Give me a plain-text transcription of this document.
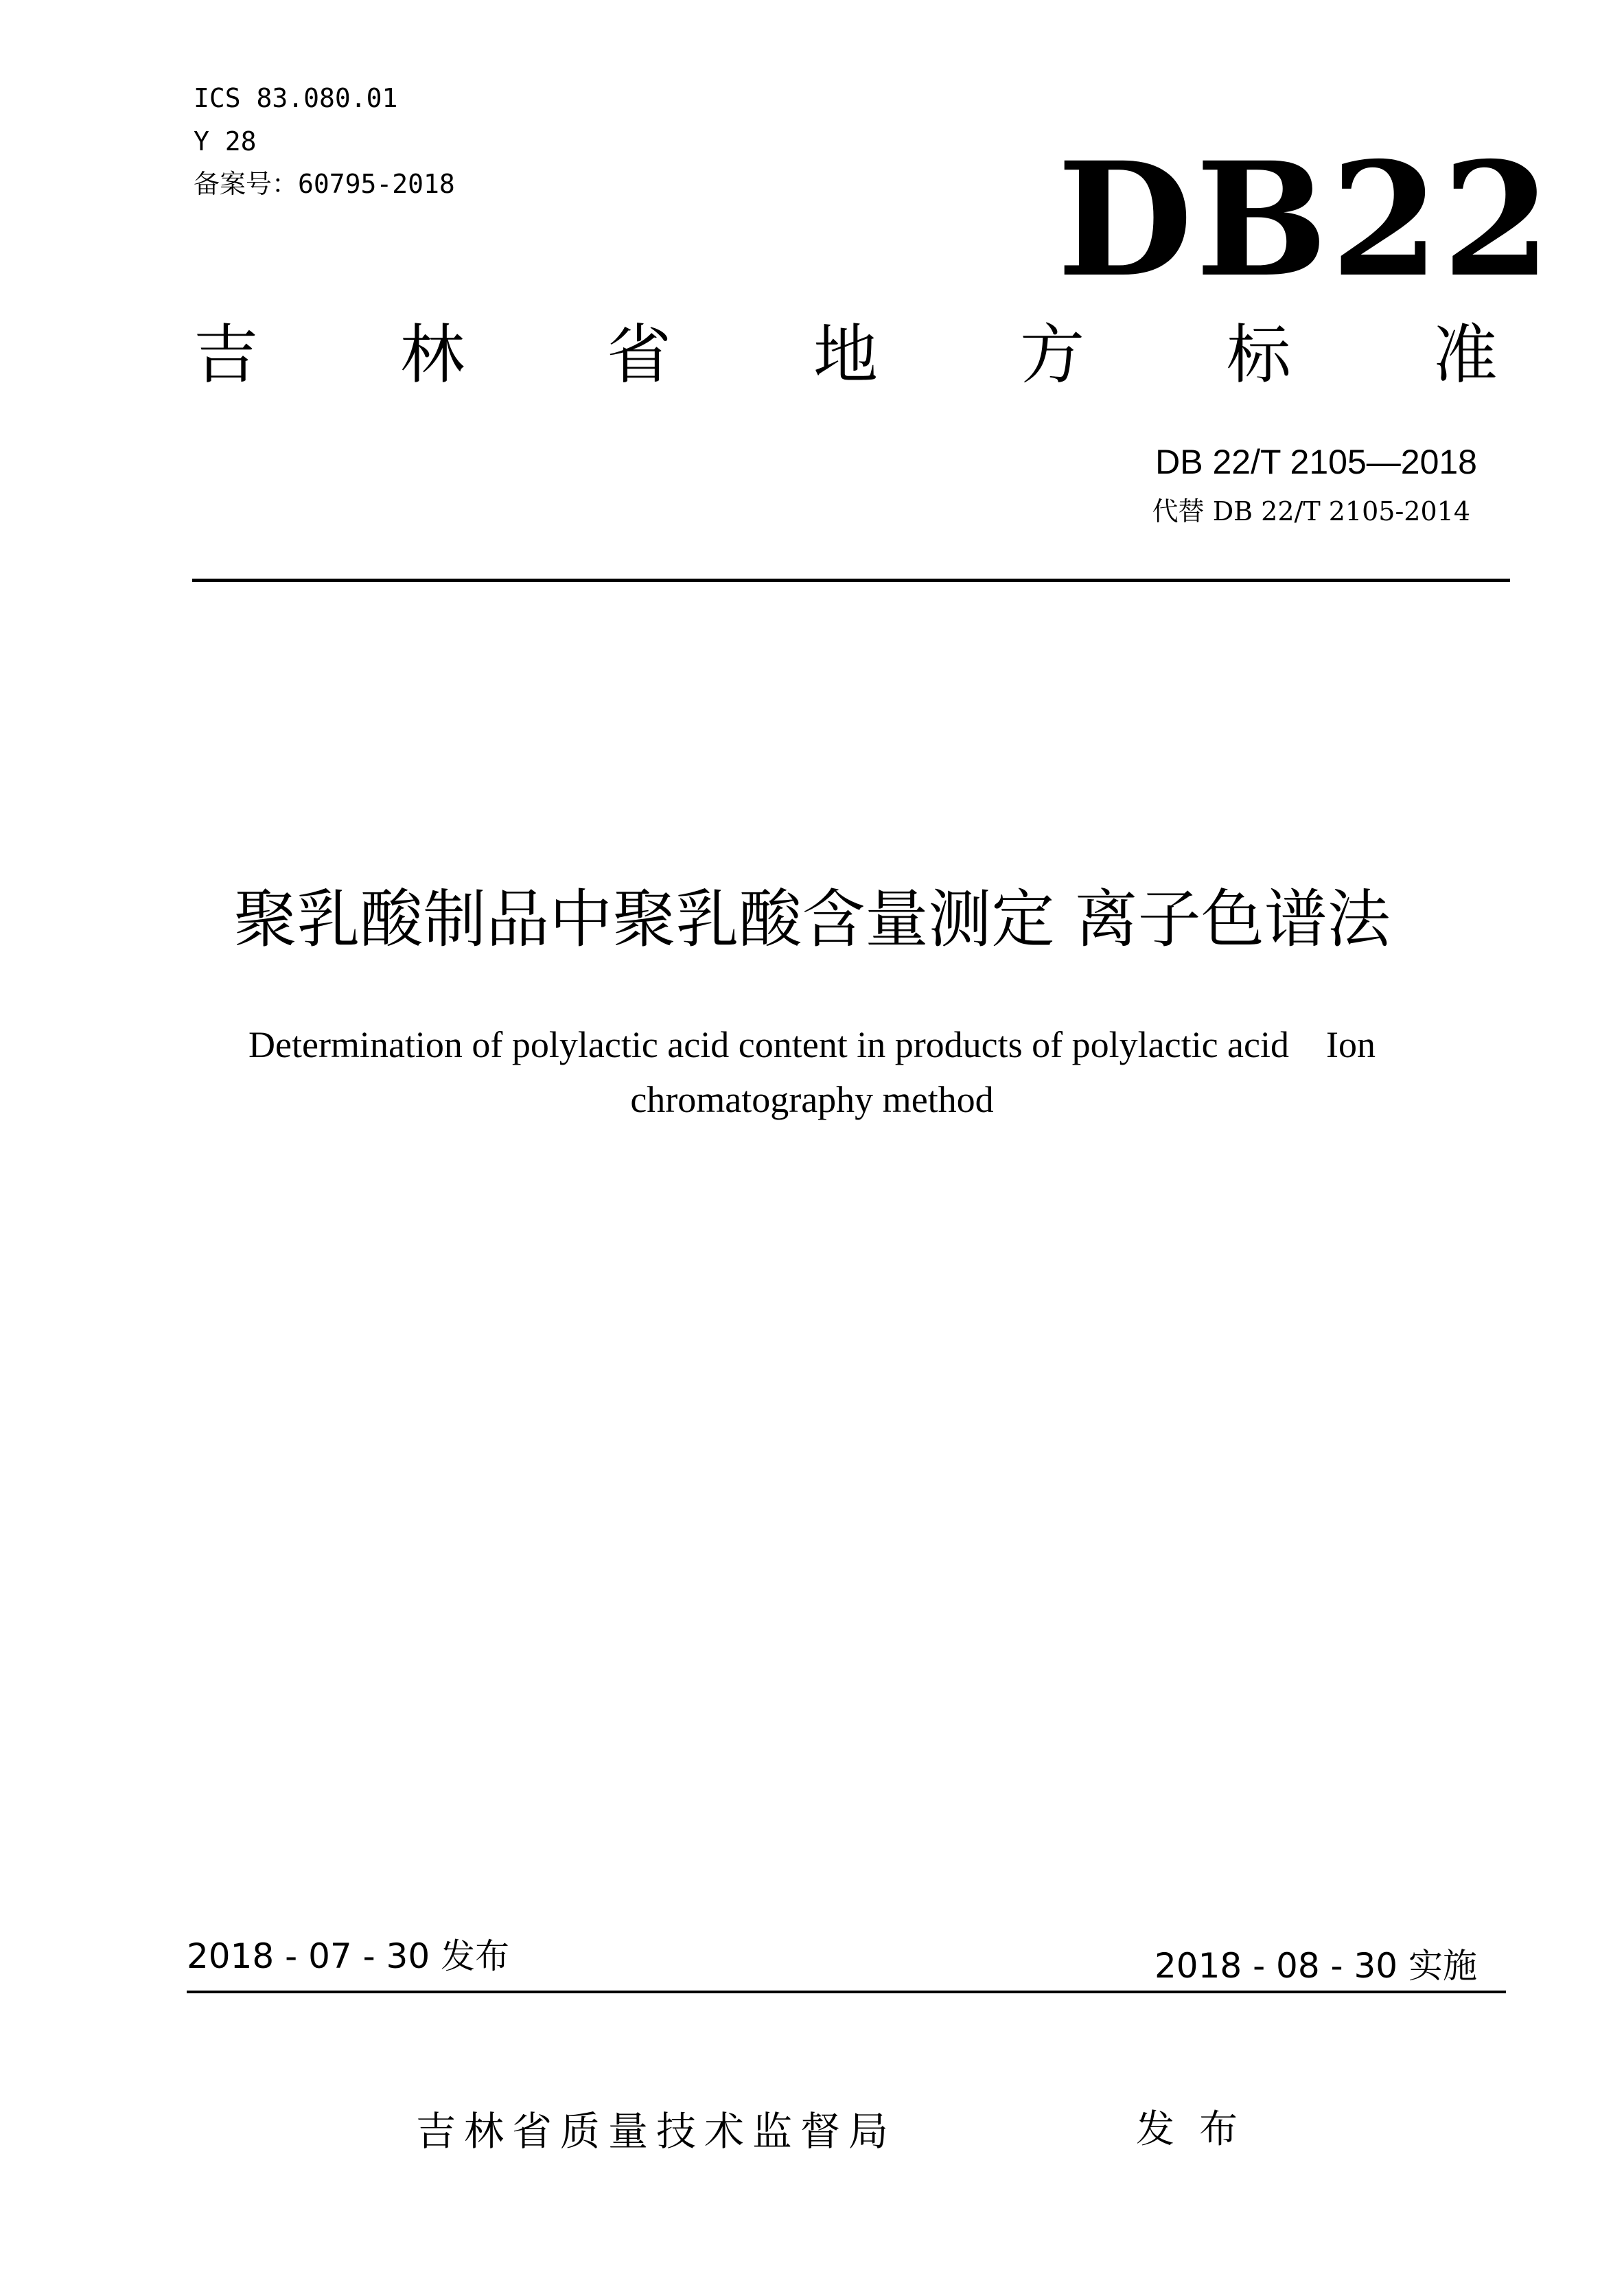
ICS 83.080.01
Y 28
备案号：60795-2018	DB22
吉 林 省 地 方 标 准
DB 22/T 2105—2018
代替 DB 22/T 2105-2014
聚乳酸制品中聚乳酸含量测定 离子色谱法
Determination of polylactic acid content in products of polylactic acid    Ion
chromatography method
2018 - 07 - 30 发布	2018 - 08 - 30 实施
吉林省质量技术监督局	发布
